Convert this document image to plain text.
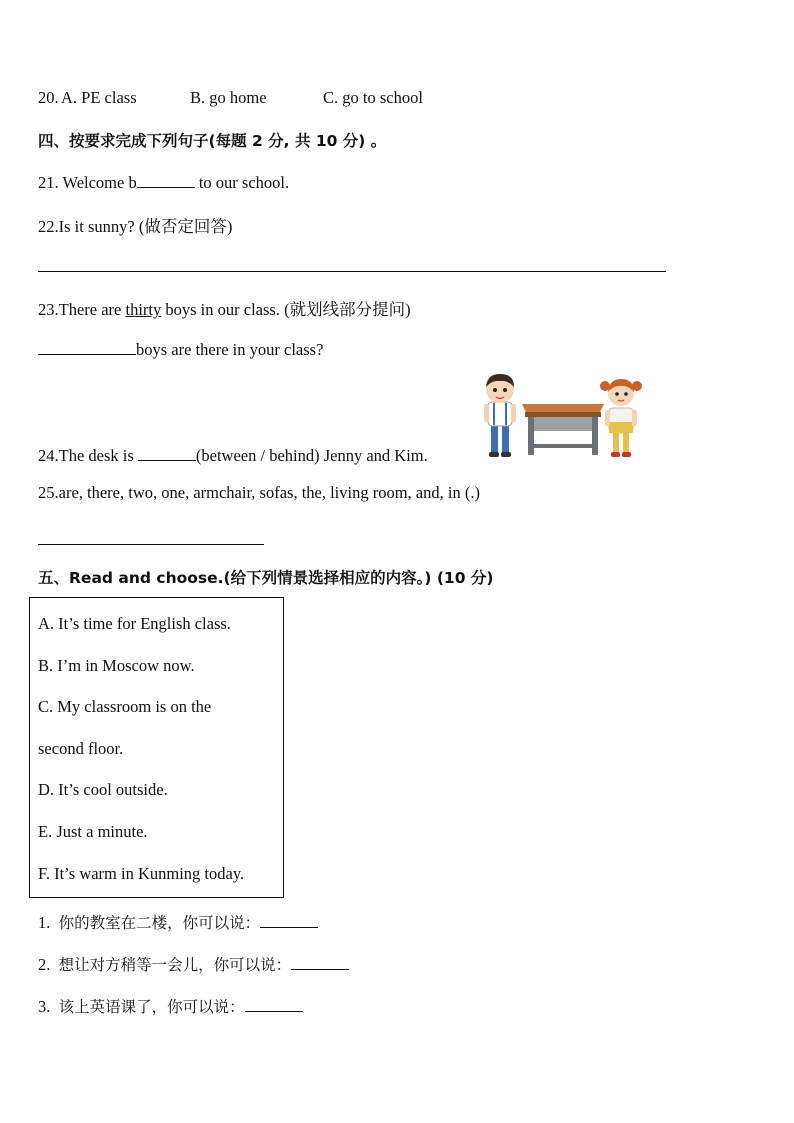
20. A. PE class	B. go home	C. go to school
四、按要求完成下列句子(每题 2 分, 共 10 分) 。
21. Welcome b	to our school.
22.Is it sunny? (做否定回答)
23.There are thirty boys in our class. (就划线部分提问)
boys are there in your class?
24.The desk is	(between / behind) Jenny and Kim.
25.are, there, two, one, armchair, sofas, the, living room, and, in (.)
五、Read and choose.(给下列情景选择相应的内容。) (10 分)
A. It’s time for English class.
B. I’m in Moscow now.
C. My classroom is on the
second floor.
D. It’s cool outside.
E. Just a minute.
F. It’s warm in Kunming today.
1. 你的教室在二楼，你可以说：
2. 想让对方稍等一会儿，你可以说：
3. 该上英语课了，你可以说：
